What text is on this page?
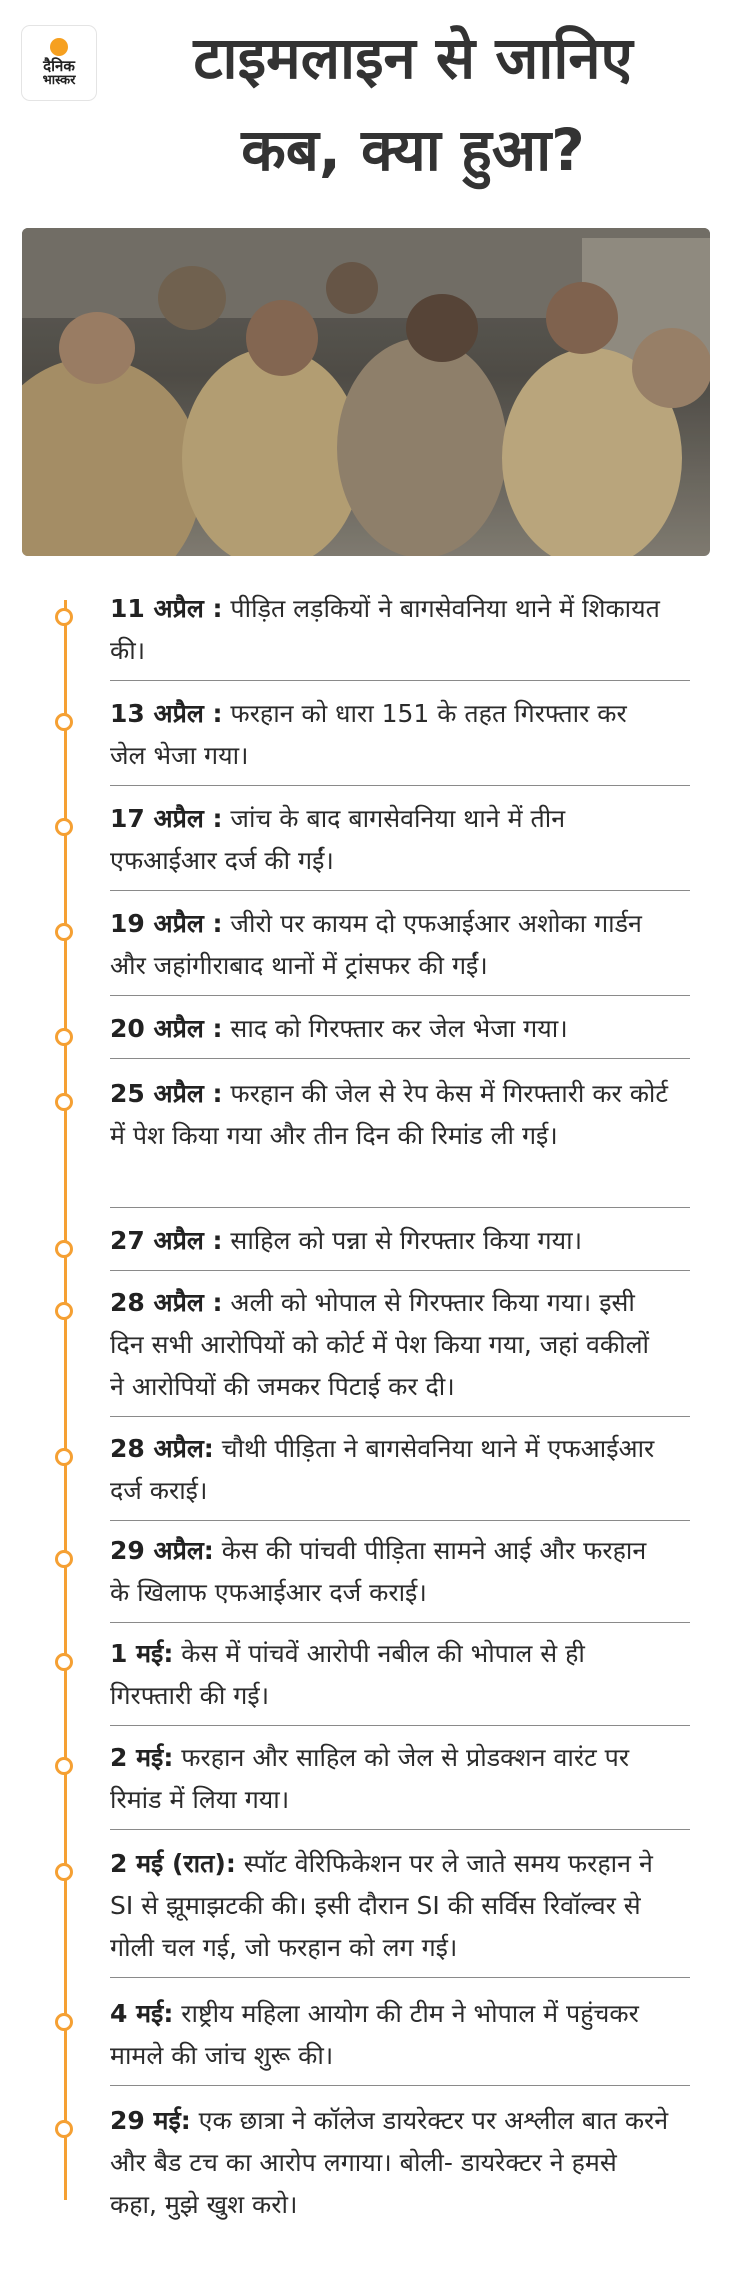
दैनिक
भास्कर	टाइमलाइन से जानिए
कब, क्या हुआ?
11 अप्रैल : पीड़ित लड़कियों ने बागसेवनिया थाने में शिकायत की।
13 अप्रैल : फरहान को धारा 151 के तहत गिरफ्तार कर जेल भेजा गया।
17 अप्रैल : जांच के बाद बागसेवनिया थाने में तीन एफआईआर दर्ज की गईं।
19 अप्रैल : जीरो पर कायम दो एफआईआर अशोका गार्डन और जहांगीराबाद थानों में ट्रांसफर की गईं।
20 अप्रैल : साद को गिरफ्तार कर जेल भेजा गया।
25 अप्रैल : फरहान की जेल से रेप केस में गिरफ्तारी कर कोर्ट में पेश किया गया और तीन दिन की रिमांड ली गई।
27 अप्रैल : साहिल को पन्ना से गिरफ्तार किया गया।
28 अप्रैल : अली को भोपाल से गिरफ्तार किया गया। इसी दिन सभी आरोपियों को कोर्ट में पेश किया गया, जहां वकीलों ने आरोपियों की जमकर पिटाई कर दी।
28 अप्रैल: चौथी पीड़िता ने बागसेवनिया थाने में एफआईआर दर्ज कराई।
29 अप्रैल: केस की पांचवी पीड़िता सामने आई और फरहान के खिलाफ एफआईआर दर्ज कराई।
1 मई: केस में पांचवें आरोपी नबील की भोपाल से ही गिरफ्तारी की गई।
2 मई: फरहान और साहिल को जेल से प्रोडक्शन वारंट पर रिमांड में लिया गया।
2 मई (रात): स्पॉट वेरिफिकेशन पर ले जाते समय फरहान ने SI से झूमाझटकी की। इसी दौरान SI की सर्विस रिवॉल्वर से गोली चल गई, जो फरहान को लग गई।
4 मई: राष्ट्रीय महिला आयोग की टीम ने भोपाल में पहुंचकर मामले की जांच शुरू की।
29 मई: एक छात्रा ने कॉलेज डायरेक्टर पर अश्लील बात करने और बैड टच का आरोप लगाया। बोली- डायरेक्टर ने हमसे कहा, मुझे खुश करो।
